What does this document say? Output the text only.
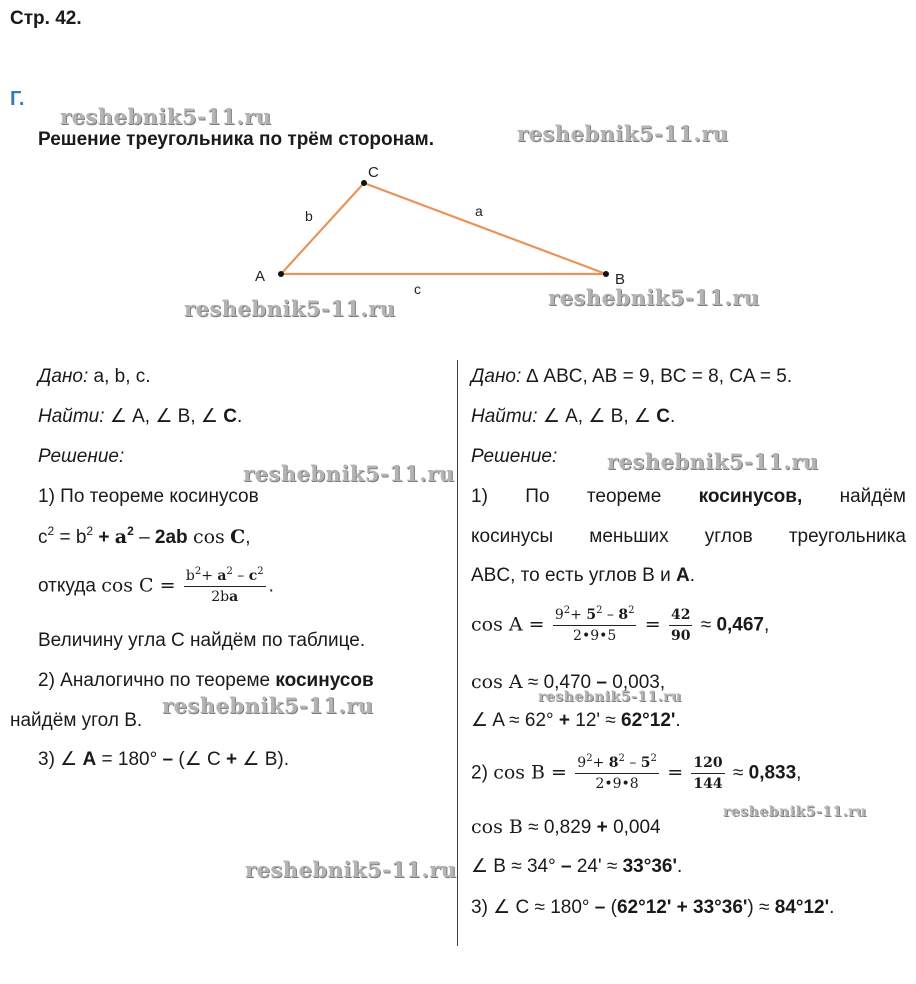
Стр. 42.
Г.
Решение треугольника по трём сторонам.
A
C
B
b	a
c
reshebnik5-11.ru
reshebnik5-11.ru
reshebnik5-11.ru	reshebnik5-11.ru
reshebnik5-11.ru	reshebnik5-11.ru
reshebnik5-11.ru	reshebnik5-11.ru
reshebnik5-11.ru
reshebnik5-11.ru
Дано: a, b, c.
Найти: ∠ A, ∠ B, ∠ C.
Решение:
1) По теореме косинусов
$c^2 = b^2 + a^2 - 2ab$ cos C,
откуда $\cos C = \frac{b^2+ a^2 - c^2}{2ba}$ .
Величину угла С найдём по таблице.
2) Аналогично по теореме косинусов
найдём угол В.
3) ∠ A = 180° – (∠ C + ∠ B).
Дано: ∆ ABC, AB = 9, BC = 8, CA = 5.
Найти: ∠ A, ∠ B, ∠ C.
Решение:
1) По теореме косинусов, найдём
косинусы меньших углов треугольника
ABC, то есть углов B и A.
$\cos A = \frac{9^2+ 5^2 - 8^2}{2•9•5} = \frac{42}{90} \approx 0,467$,
cos A ≈ 0,470 – 0,003,
∠ A ≈ 62° + 12' ≈ 62°12'.
2) $\cos B = \frac{9^2+ 8^2 - 5^2}{2•9•8} = \frac{120}{144} \approx 0,833$,
cos B ≈ 0,829 + 0,004
∠ B ≈ 34° – 24' ≈ 33°36'.
3) ∠ C ≈ 180° – (62°12' + 33°36') ≈ 84°12'.
